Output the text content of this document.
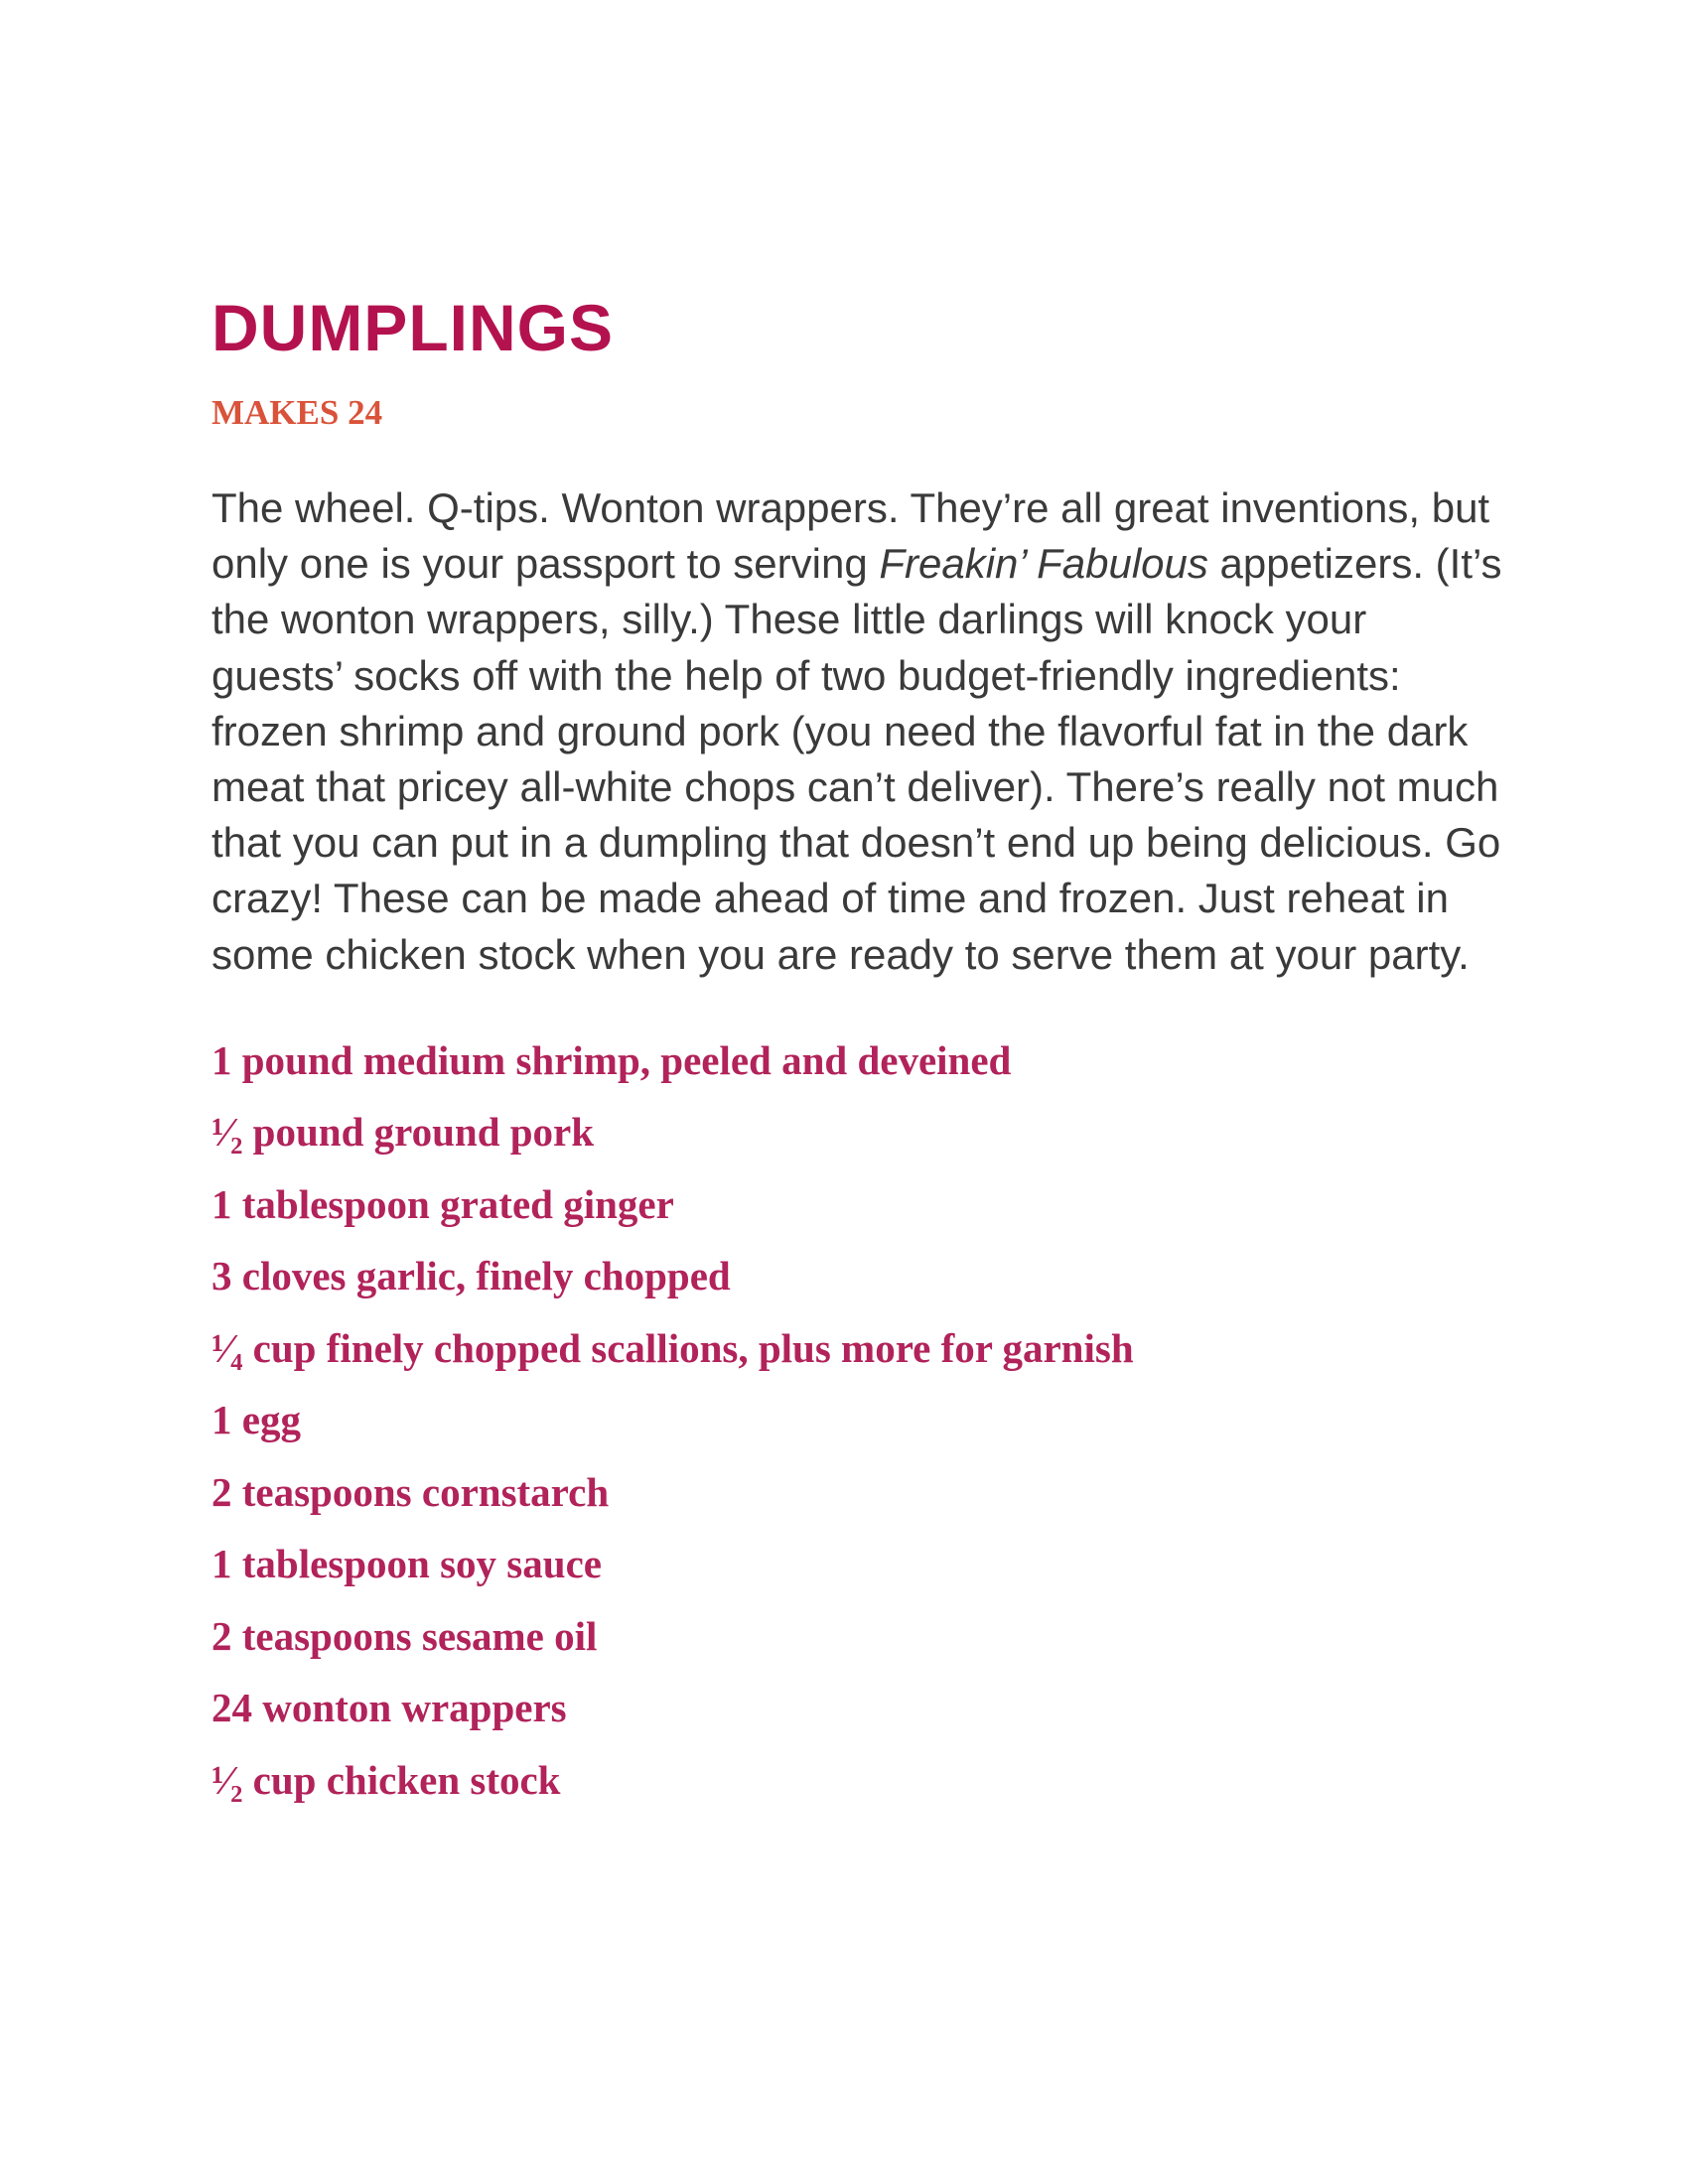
DUMPLINGS
MAKES 24

The wheel. Q-tips. Wonton wrappers. They’re all great inventions, but only one is your passport to serving Freakin’ Fabulous appetizers. (It’s the wonton wrappers, silly.) These little darlings will knock your guests’ socks off with the help of two budget-friendly ingredients: frozen shrimp and ground pork (you need the flavorful fat in the dark meat that pricey all-white chops can’t deliver). There’s really not much that you can put in a dumpling that doesn’t end up being delicious. Go crazy! These can be made ahead of time and frozen. Just reheat in some chicken stock when you are ready to serve them at your party.

1 pound medium shrimp, peeled and deveined
¹⁄₂ pound ground pork
1 tablespoon grated ginger
3 cloves garlic, finely chopped
¹⁄₄ cup finely chopped scallions, plus more for garnish
1 egg
2 teaspoons cornstarch
1 tablespoon soy sauce
2 teaspoons sesame oil
24 wonton wrappers
¹⁄₂ cup chicken stock
